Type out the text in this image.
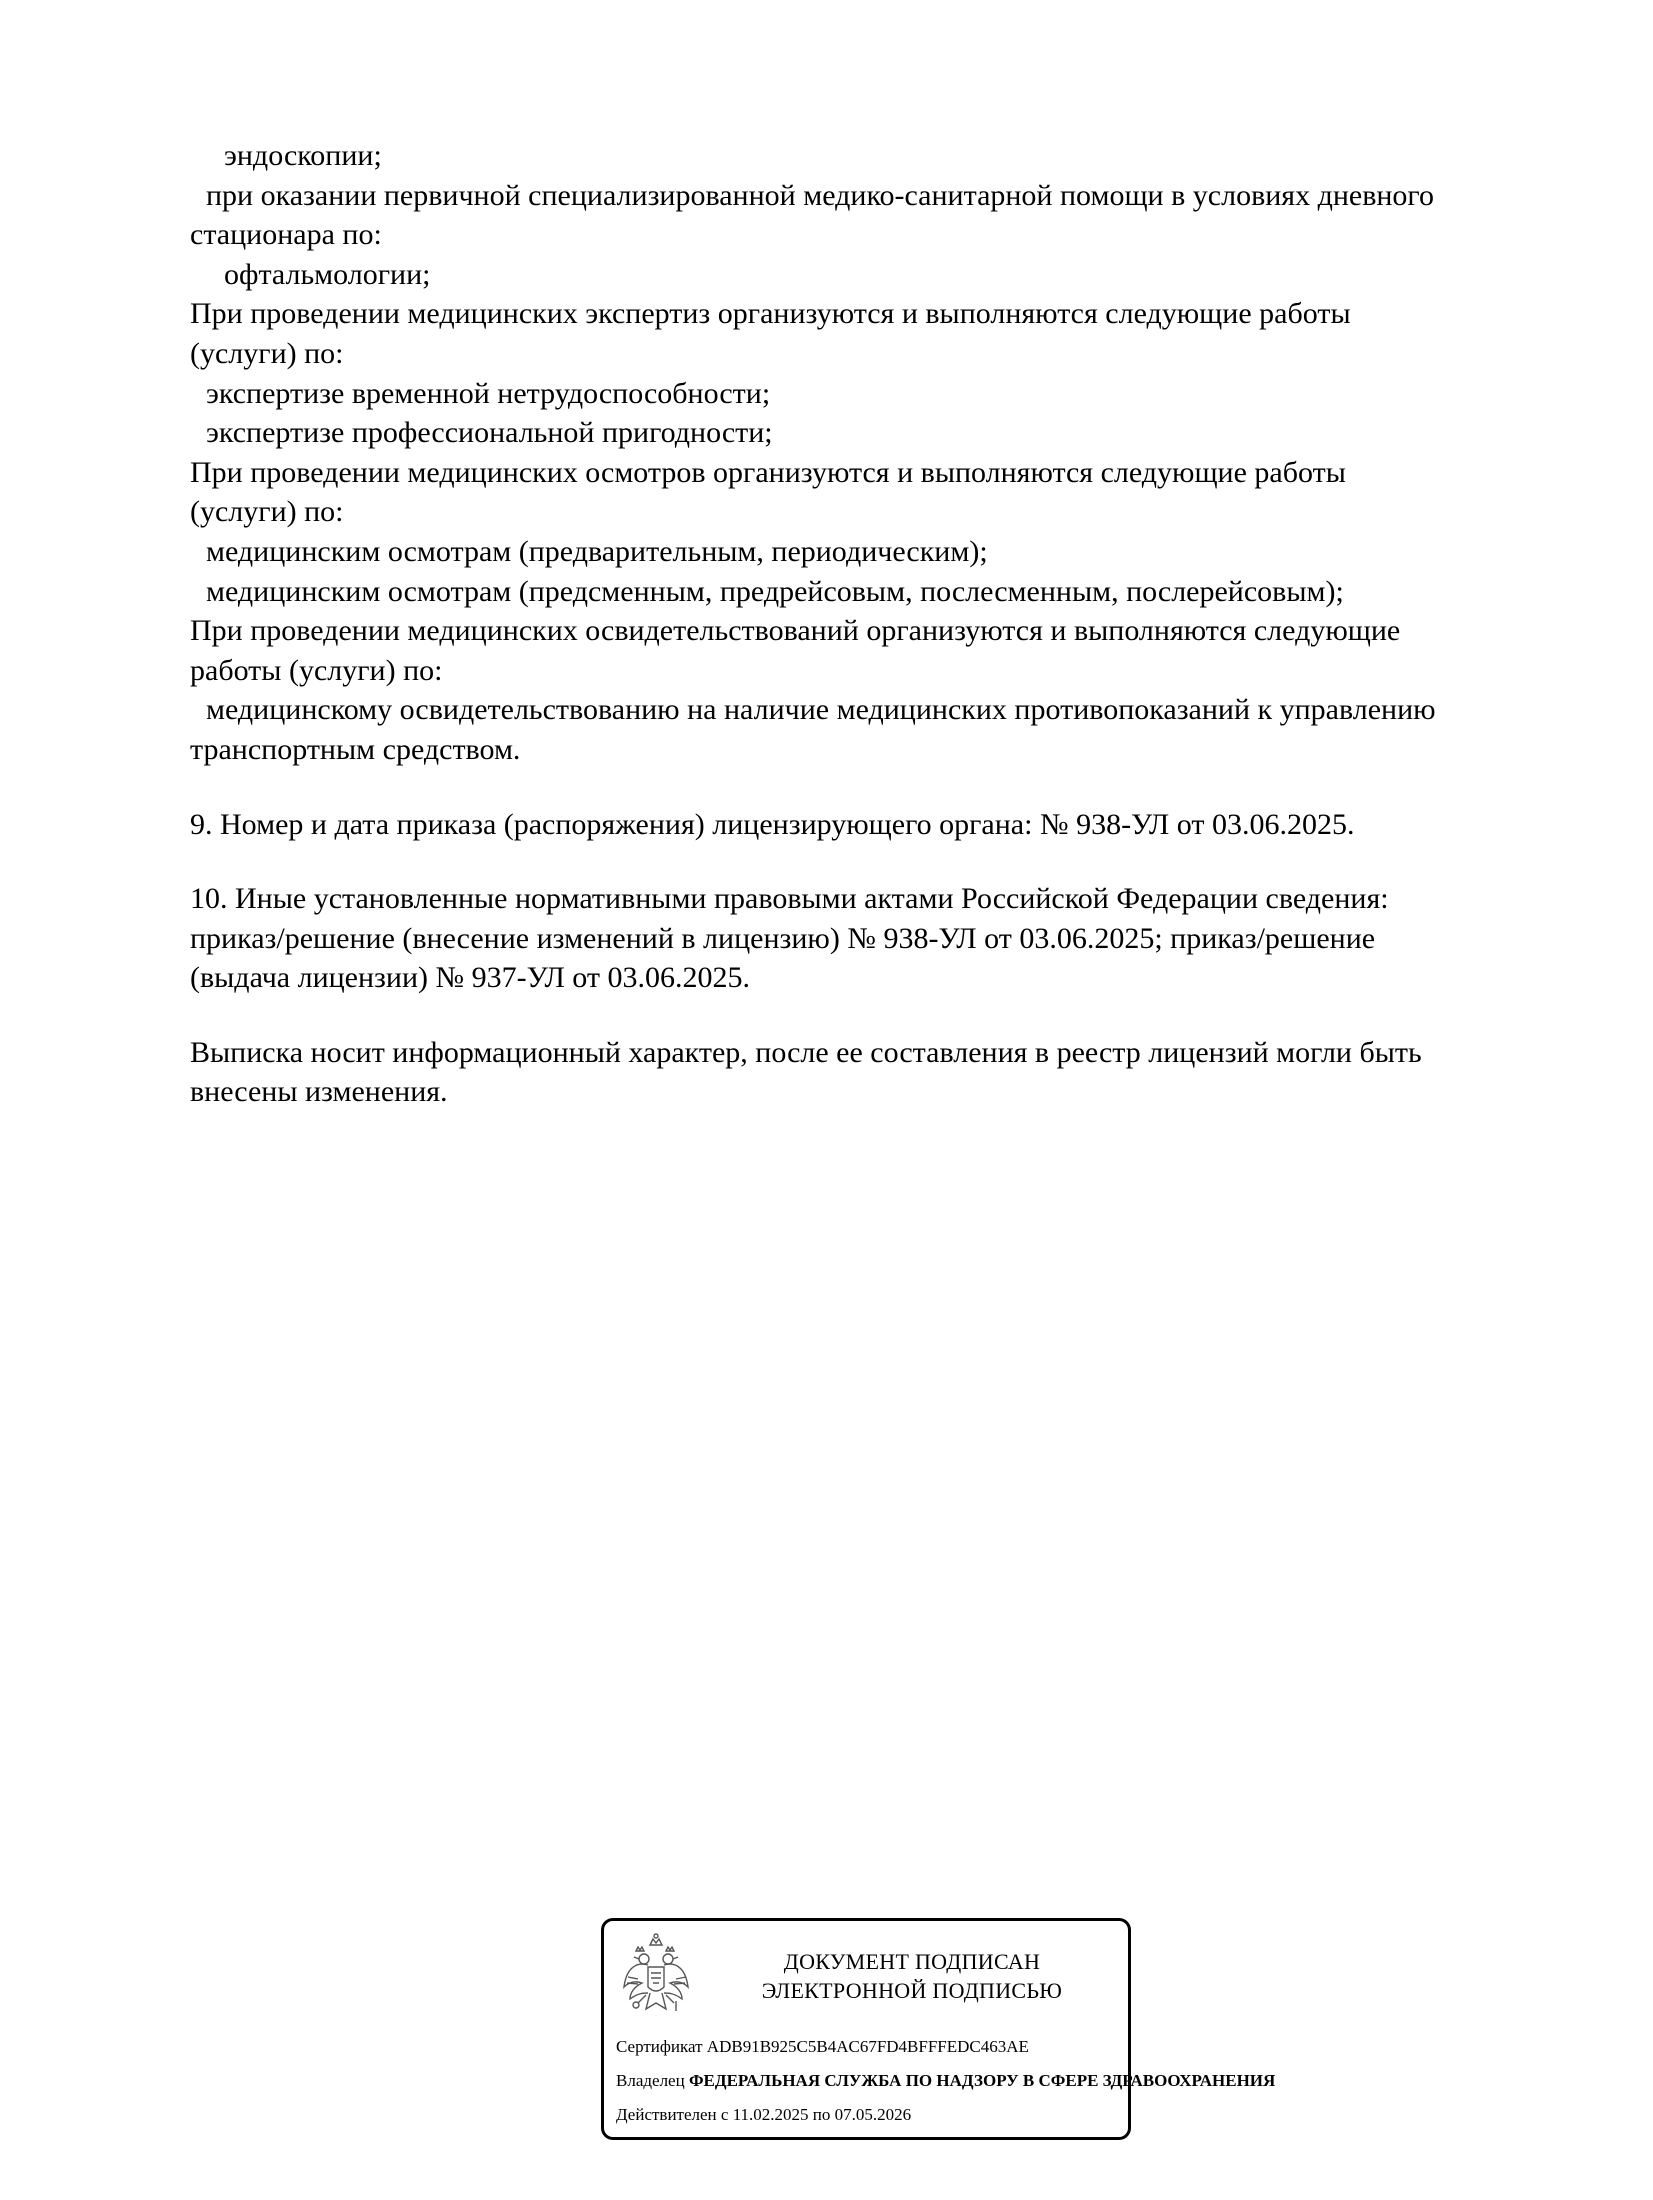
эндоскопии;
при оказании первичной специализированной медико-санитарной помощи в условиях дневного
стационара по:
офтальмологии;
При проведении медицинских экспертиз организуются и выполняются следующие работы
(услуги) по:
экспертизе временной нетрудоспособности;
экспертизе профессиональной пригодности;
При проведении медицинских осмотров организуются и выполняются следующие работы
(услуги) по:
медицинским осмотрам (предварительным, периодическим);
медицинским осмотрам (предсменным, предрейсовым, послесменным, послерейсовым);
При проведении медицинских освидетельствований организуются и выполняются следующие
работы (услуги) по:
медицинскому освидетельствованию на наличие медицинских противопоказаний к управлению
транспортным средством.
9. Номер и дата приказа (распоряжения) лицензирующего органа: № 938-УЛ от 03.06.2025.
10. Иные установленные нормативными правовыми актами Российской Федерации сведения:
приказ/решение (внесение изменений в лицензию) № 938-УЛ от 03.06.2025; приказ/решение
(выдача лицензии) № 937-УЛ от 03.06.2025.
Выписка носит информационный характер, после ее составления в реестр лицензий могли быть
внесены изменения.
ДОКУМЕНТ ПОДПИСАН
ЭЛЕКТРОННОЙ ПОДПИСЬЮ
Сертификат ADB91B925C5B4AC67FD4BFFFEDC463AE
Владелец ФЕДЕРАЛЬНАЯ СЛУЖБА ПО НАДЗОРУ В СФЕРЕ ЗДРАВООХРАНЕНИЯ
Действителен с 11.02.2025 по 07.05.2026
